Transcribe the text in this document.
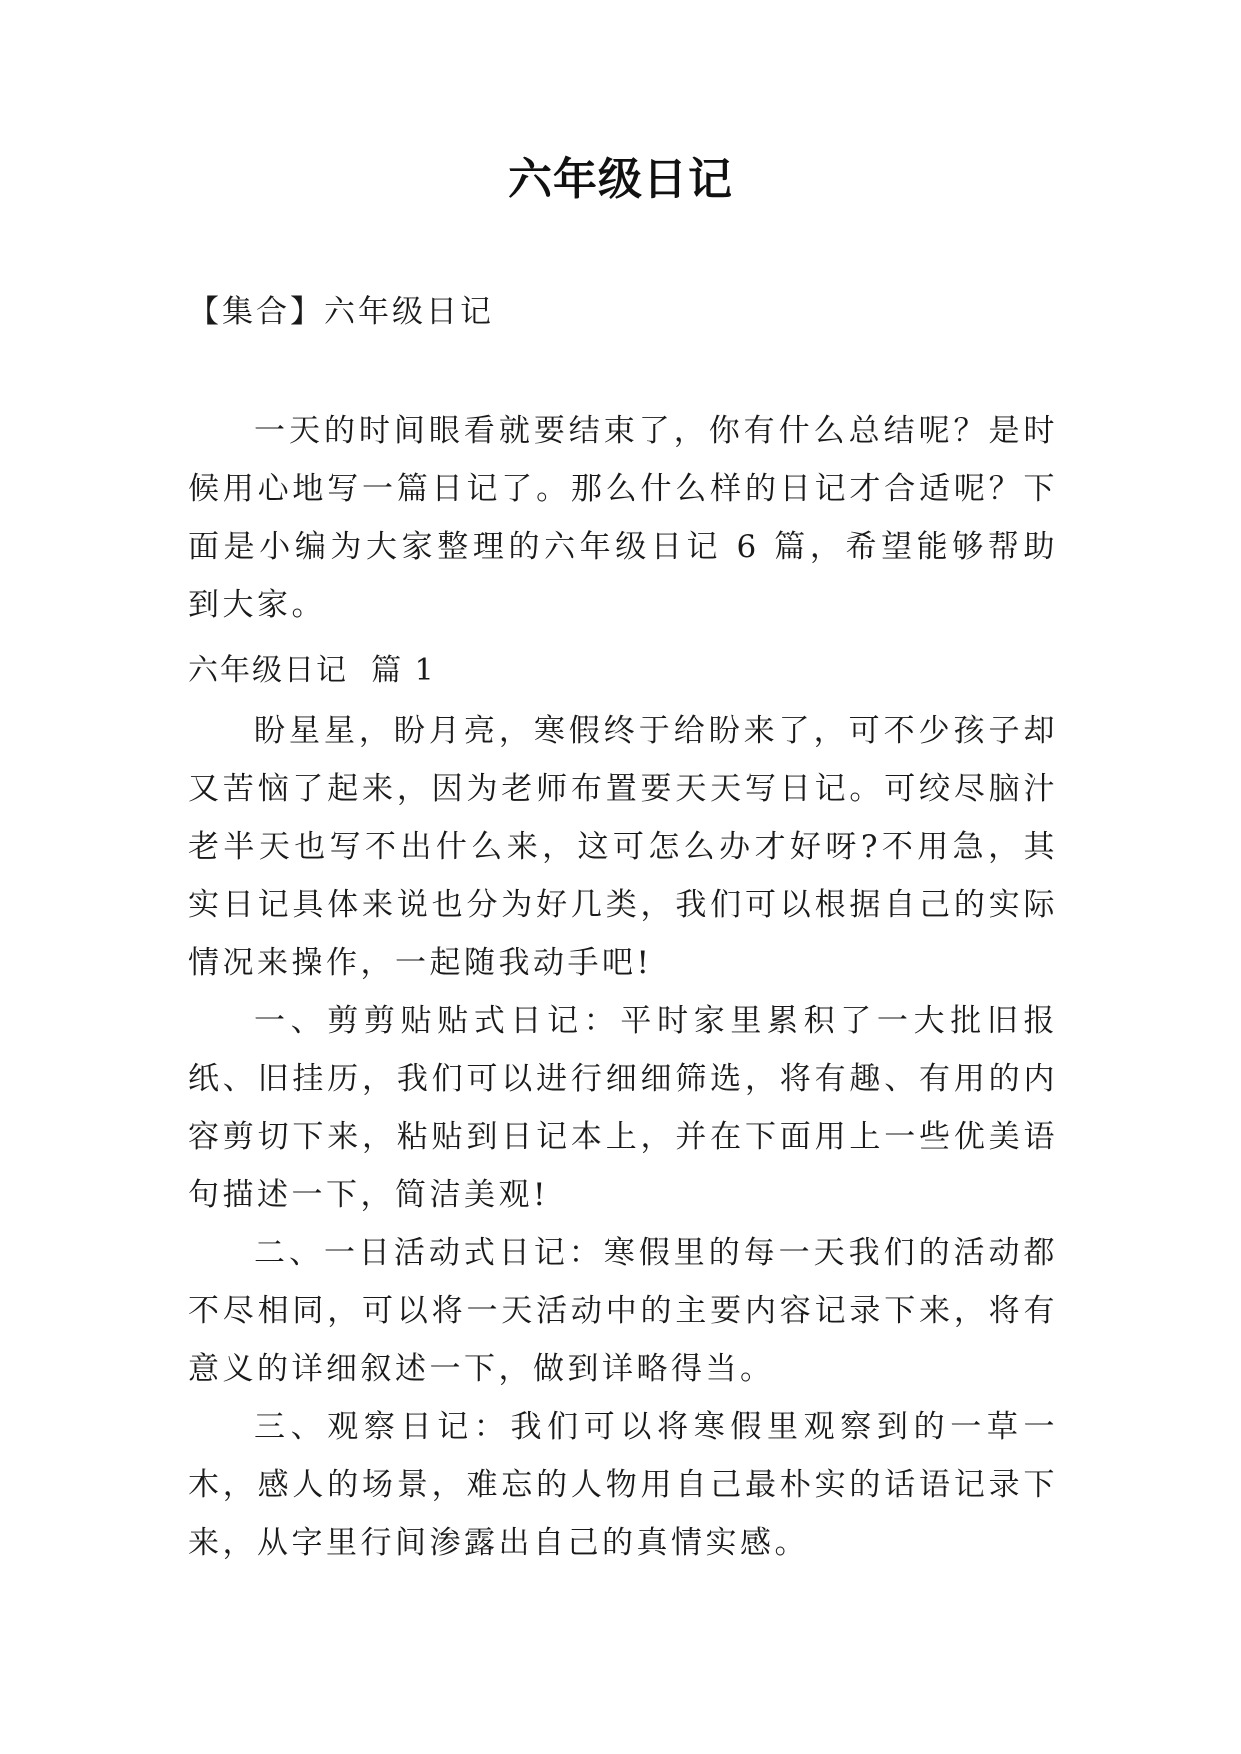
六年级日记
【集合】六年级日记

一天的时间眼看就要结束了，你有什么总结呢？是时候用心地写一篇日记了。那么什么样的日记才合适呢？下面是小编为大家整理的六年级日记 6 篇，希望能够帮助到大家。

六年级日记  篇 1

盼星星，盼月亮，寒假终于给盼来了，可不少孩子却又苦恼了起来，因为老师布置要天天写日记。可绞尽脑汁老半天也写不出什么来，这可怎么办才好呀?不用急，其实日记具体来说也分为好几类，我们可以根据自己的实际情况来操作，一起随我动手吧!

一、剪剪贴贴式日记：平时家里累积了一大批旧报纸、旧挂历，我们可以进行细细筛选，将有趣、有用的内容剪切下来，粘贴到日记本上，并在下面用上一些优美语句描述一下，简洁美观!

二、一日活动式日记：寒假里的每一天我们的活动都不尽相同，可以将一天活动中的主要内容记录下来，将有意义的详细叙述一下，做到详略得当。

三、观察日记：我们可以将寒假里观察到的一草一木，感人的场景，难忘的人物用自己最朴实的话语记录下来，从字里行间渗露出自己的真情实感。
